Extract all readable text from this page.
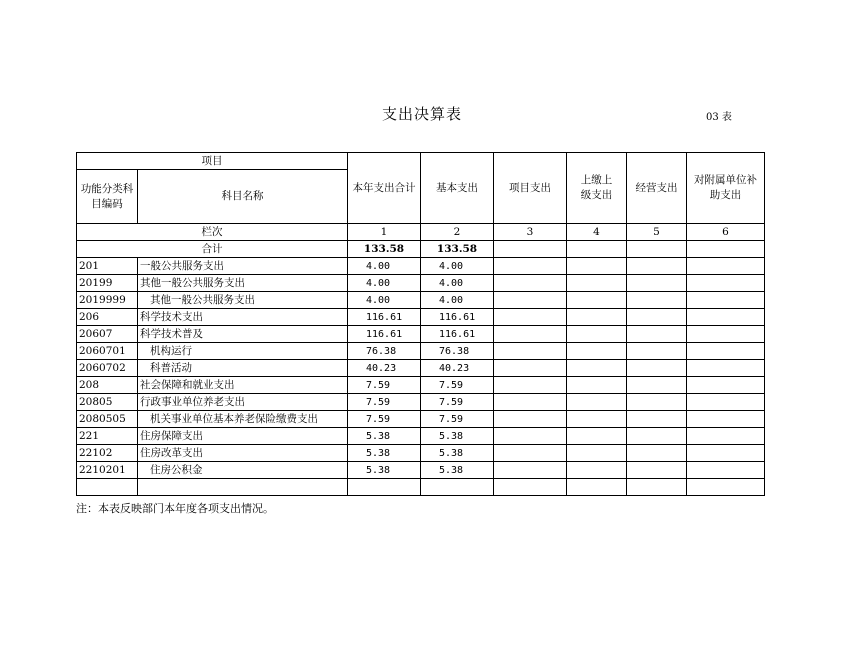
支出决算表	03 表
项目		本年支出合计	基本支出	项目支出	上缴上级支出	经营支出	对附属单位补助支出
功能分类科目编码	科目名称						
栏次		1	2	3	4	5	6
合计		133.58	133.58				
201	一般公共服务支出	4.00	4.00				
20199	其他一般公共服务支出	4.00	4.00				
2019999	其他一般公共服务支出	4.00	4.00				
206	科学技术支出	116.61	116.61				
20607	科学技术普及	116.61	116.61				
2060701	机构运行	76.38	76.38				
2060702	科普活动	40.23	40.23				
208	社会保障和就业支出	7.59	7.59				
20805	行政事业单位养老支出	7.59	7.59				
2080505	机关事业单位基本养老保险缴费支出	7.59	7.59				
221	住房保障支出	5.38	5.38				
22102	住房改革支出	5.38	5.38				
2210201	住房公积金	5.38	5.38				

注：本表反映部门本年度各项支出情况。
